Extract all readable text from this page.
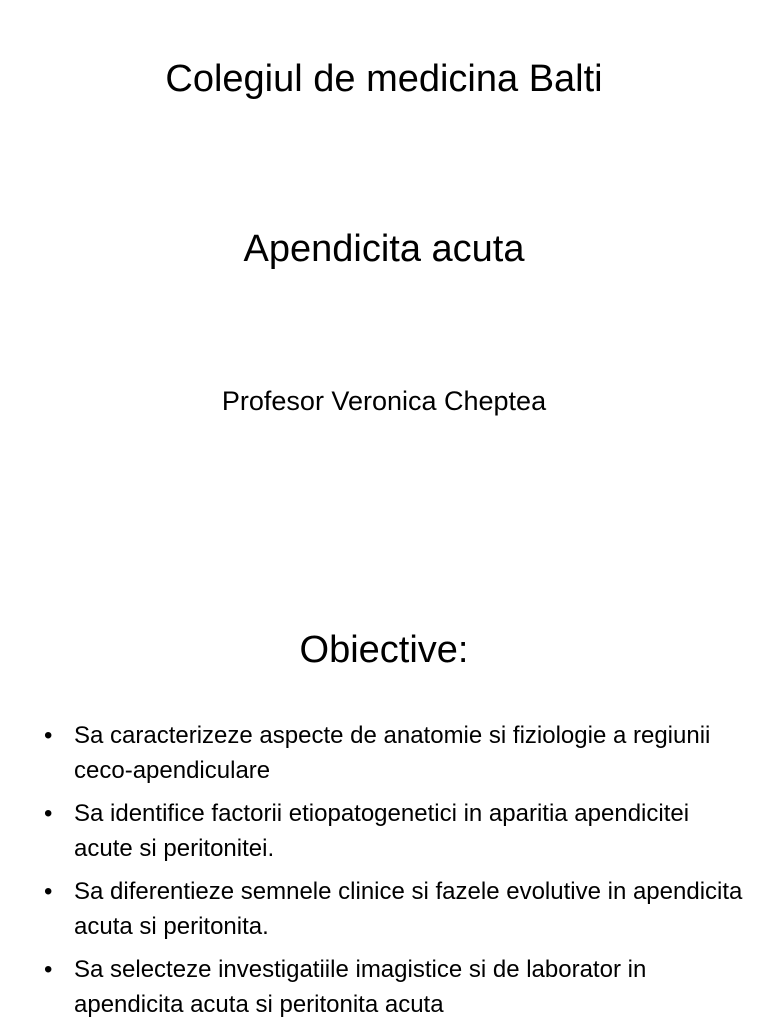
Colegiul de medicina Balti
Apendicita acuta
Profesor Veronica Cheptea
Obiective:
• Sa caracterizeze aspecte de anatomie si fiziologie a regiunii ceco-apendiculare
• Sa identifice factorii etiopatogenetici in aparitia apendicitei acute si peritonitei.
• Sa diferentieze semnele clinice si fazele evolutive in apendicita acuta si peritonita.
• Sa selecteze investigatiile imagistice si de laborator in apendicita acuta si peritonita acuta
